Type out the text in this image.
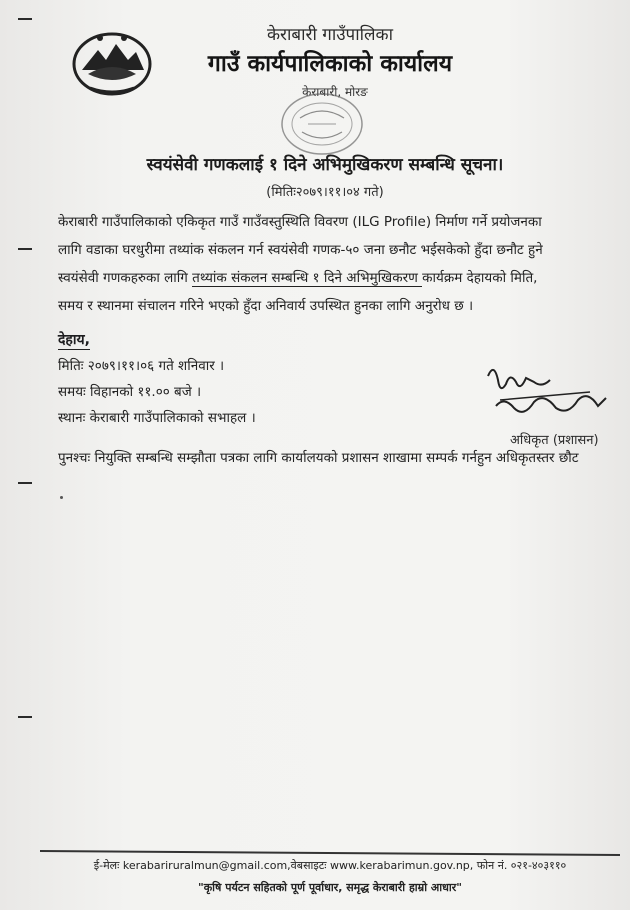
केराबारी गाउँपालिका
गाउँ कार्यपालिकाको कार्यालय
केराबारी, मोरङ
स्वयंसेवी गणकलाई १ दिने अभिमुखिकरण सम्बन्धि सूचना।
(मितिः२०७९।११।०४ गते)
केराबारी गाउँपालिकाको एकिकृत गाउँ गाउँवस्तुस्थिति विवरण (ILG Profile) निर्माण गर्ने प्रयोजनका
लागि वडाका घरधुरीमा तथ्यांक संकलन गर्न स्वयंसेवी गणक-५० जना छनौट भईसकेको हुँदा छनौट हुने
स्वयंसेवी गणकहरुका लागि तथ्यांक संकलन सम्बन्धि १ दिने अभिमुखिकरण कार्यक्रम देहायको मिति,
समय र स्थानमा संचालन गरिने भएको हुँदा अनिवार्य उपस्थित हुनका लागि अनुरोध छ ।
देहाय,
मितिः २०७९।११।०६ गते शनिवार ।
समयः विहानको ११.०० बजे ।
स्थानः केराबारी गाउँपालिकाको सभाहल ।
अधिकृत (प्रशासन)
पुनश्चः नियुक्ति सम्बन्धि सम्झौता पत्रका लागि कार्यालयको प्रशासन शाखामा सम्पर्क गर्नहुन अधिकृतस्तर छौट
ई-मेलः kerabariruralmun@gmail.com,वेबसाइटः www.kerabarimun.gov.np, फोन नं. ०२१-४०३११०
"कृषि पर्यटन सहितको पूर्ण पूर्वाधार, समृद्ध केराबारी हाम्रो आधार"
